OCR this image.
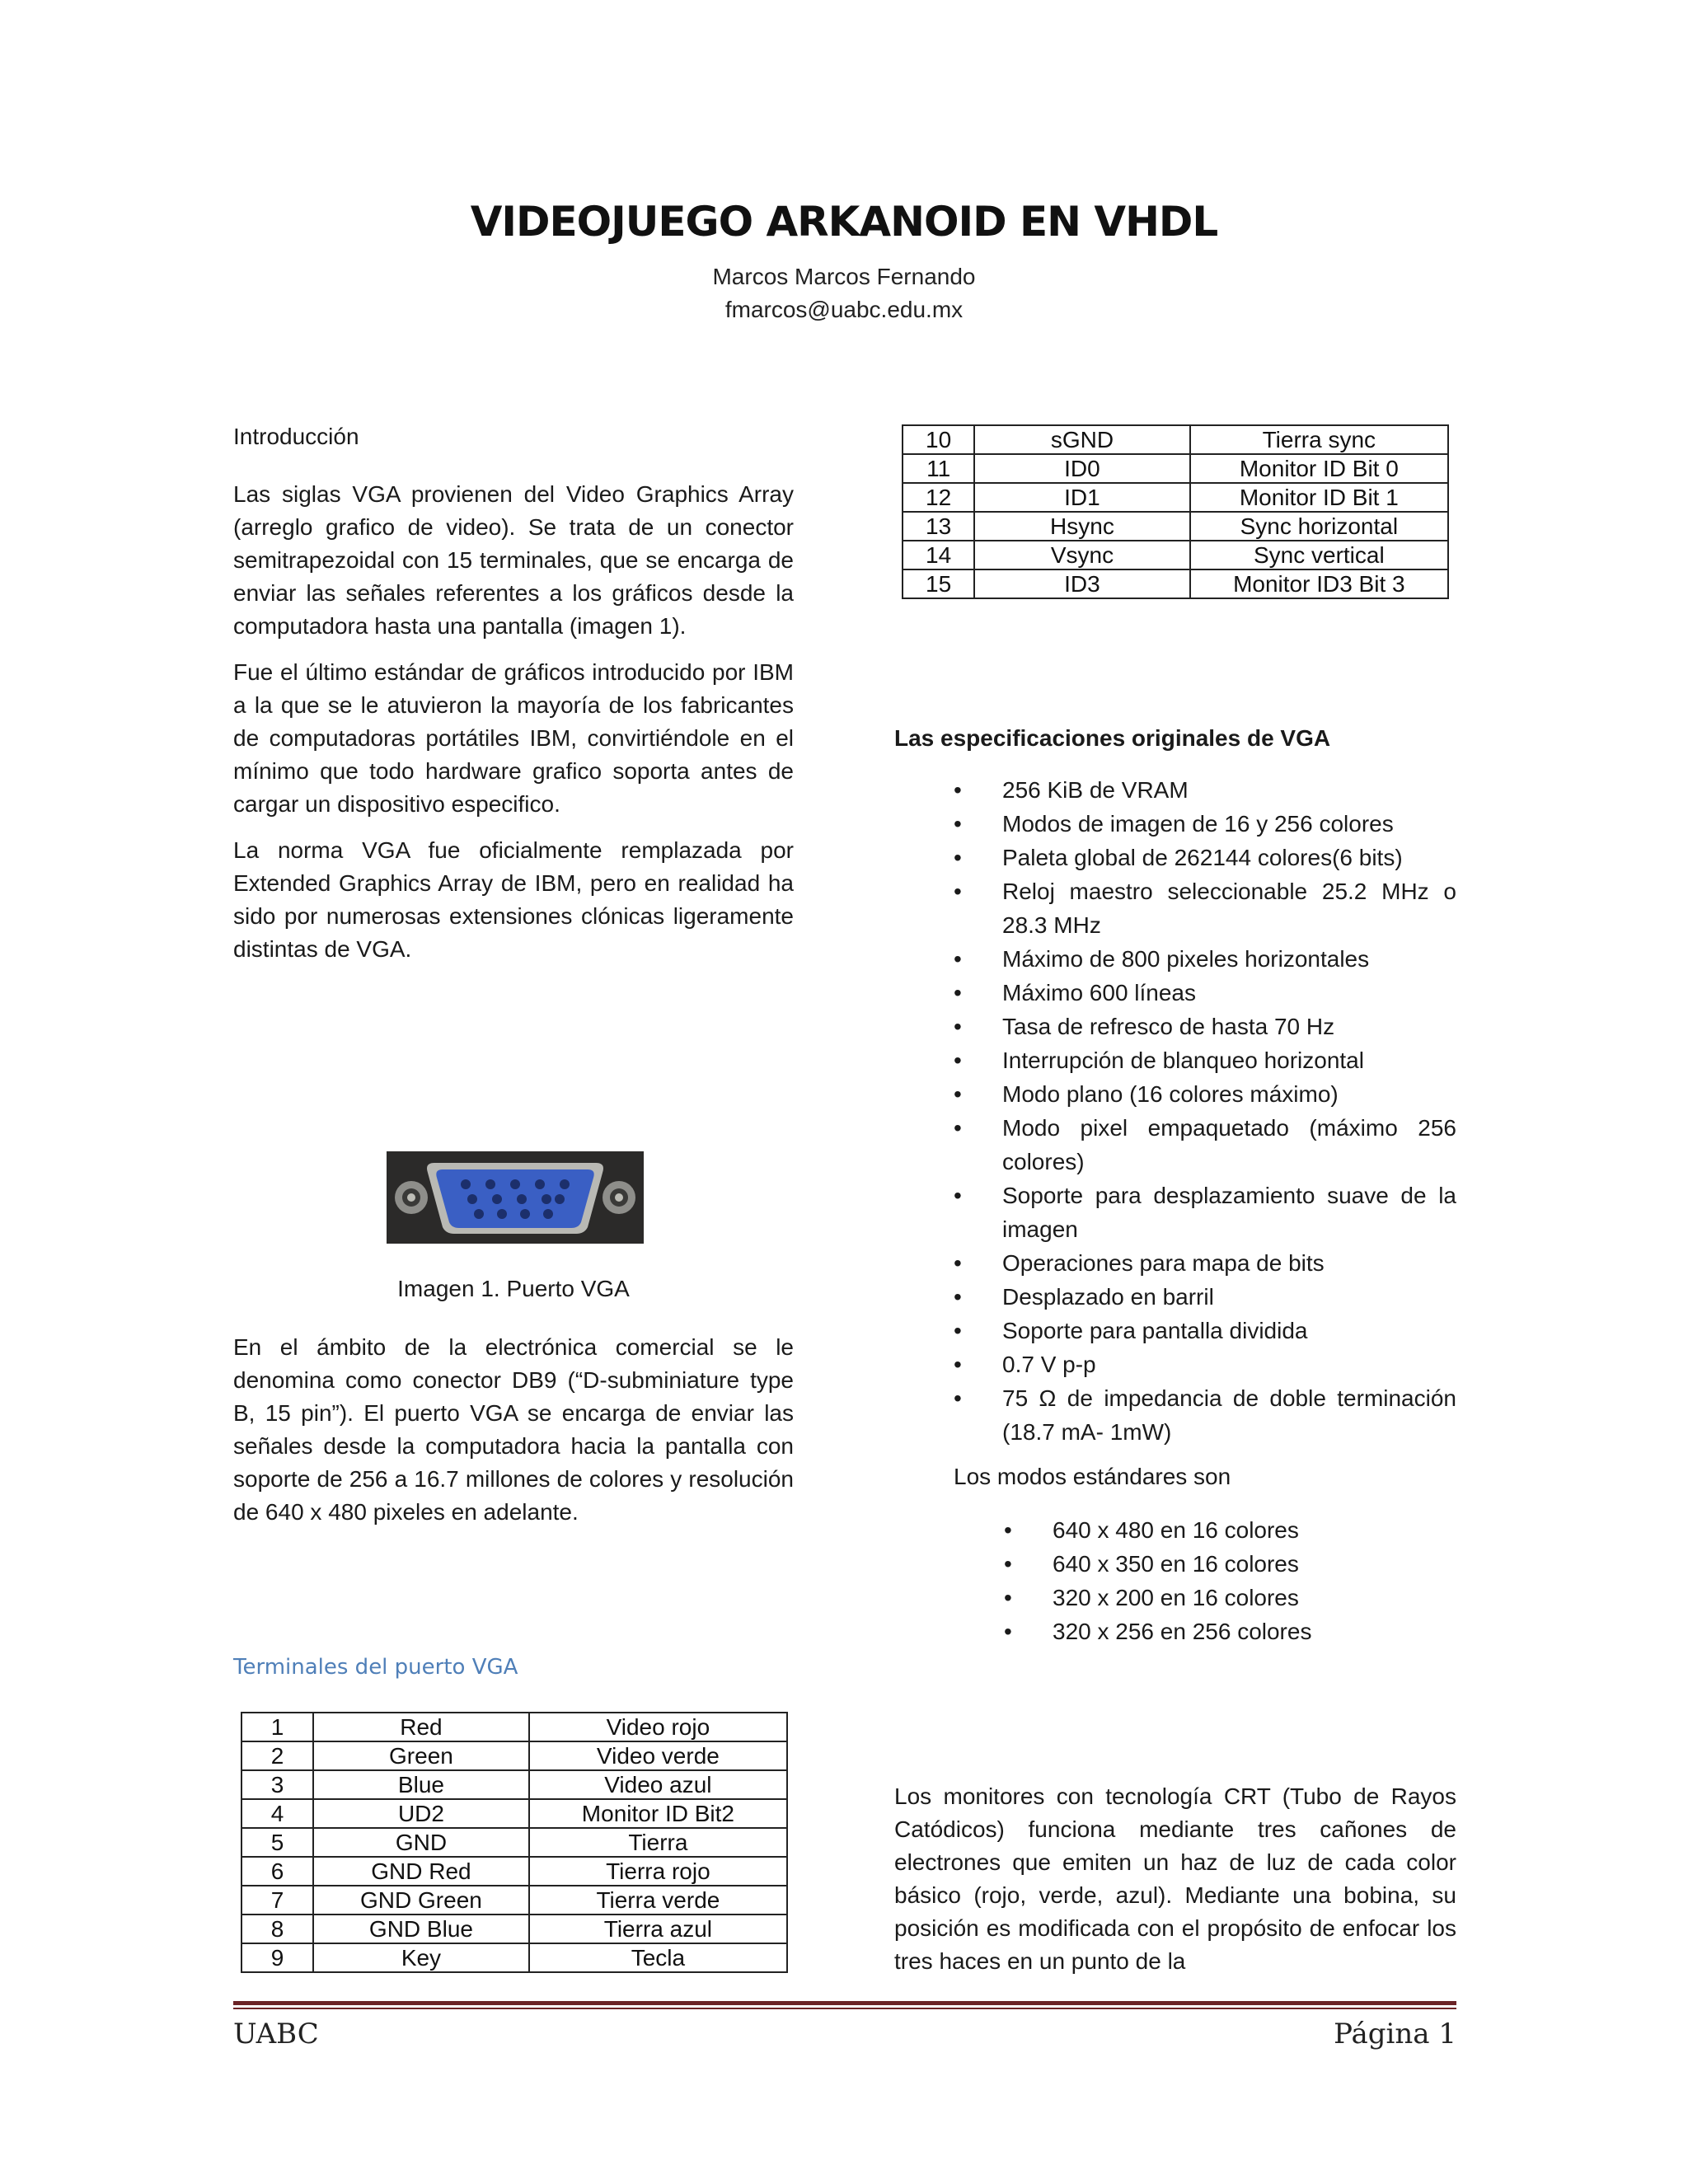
VIDEOJUEGO ARKANOID EN VHDL
Marcos Marcos Fernando
fmarcos@uabc.edu.mx

Introducción

Las siglas VGA provienen del Video Graphics Array (arreglo grafico de video). Se trata de un conector semitrapezoidal con 15 terminales, que se encarga de enviar las señales referentes a los gráficos desde la computadora hasta una pantalla (imagen 1).

Fue el último estándar de gráficos introducido por IBM a la que se le atuvieron la mayoría de los fabricantes de computadoras portátiles IBM, convirtiéndole en el mínimo que todo hardware grafico soporta antes de cargar un dispositivo especifico.

La norma VGA fue oficialmente remplazada por Extended Graphics Array de IBM, pero en realidad ha sido por numerosas extensiones clónicas ligeramente distintas de VGA.

Imagen 1. Puerto VGA

En el ámbito de la electrónica comercial se le denomina como conector DB9 (“D-subminiature type B, 15 pin”). El puerto VGA se encarga de enviar las señales desde la computadora hacia la pantalla con soporte de 256 a 16.7 millones de colores y resolución de 640 x 480 pixeles en adelante.

Terminales del puerto VGA
1	Red	Video rojo
2	Green	Video verde
3	Blue	Video azul
4	UD2	Monitor ID Bit2
5	GND	Tierra
6	GND Red	Tierra rojo
7	GND Green	Tierra verde
8	GND Blue	Tierra azul
9	Key	Tecla
10	sGND	Tierra sync
11	ID0	Monitor ID Bit 0
12	ID1	Monitor ID Bit 1
13	Hsync	Sync horizontal
14	Vsync	Sync vertical
15	ID3	Monitor ID3 Bit 3

Las especificaciones originales de VGA

• 256 KiB de VRAM
• Modos de imagen de 16 y 256 colores
• Paleta global de 262144 colores(6 bits)
• Reloj maestro seleccionable 25.2 MHz o 28.3 MHz
• Máximo de 800 pixeles horizontales
• Máximo 600 líneas
• Tasa de refresco de hasta 70 Hz
• Interrupción de blanqueo horizontal
• Modo plano (16 colores máximo)
• Modo pixel empaquetado (máximo 256 colores)
• Soporte para desplazamiento suave de la imagen
• Operaciones para mapa de bits
• Desplazado en barril
• Soporte para pantalla dividida
• 0.7 V p-p
• 75 Ω de impedancia de doble terminación (18.7 mA- 1mW)

Los modos estándares son

• 640 x 480 en 16 colores
• 640 x 350 en 16 colores
• 320 x 200 en 16 colores
• 320 x 256 en 256 colores

Los monitores con tecnología CRT (Tubo de Rayos Catódicos) funciona mediante tres cañones de electrones que emiten un haz de luz de cada color básico (rojo, verde, azul). Mediante una bobina, su posición es modificada con el propósito de enfocar los tres haces en un punto de la

UABC	Página 1
